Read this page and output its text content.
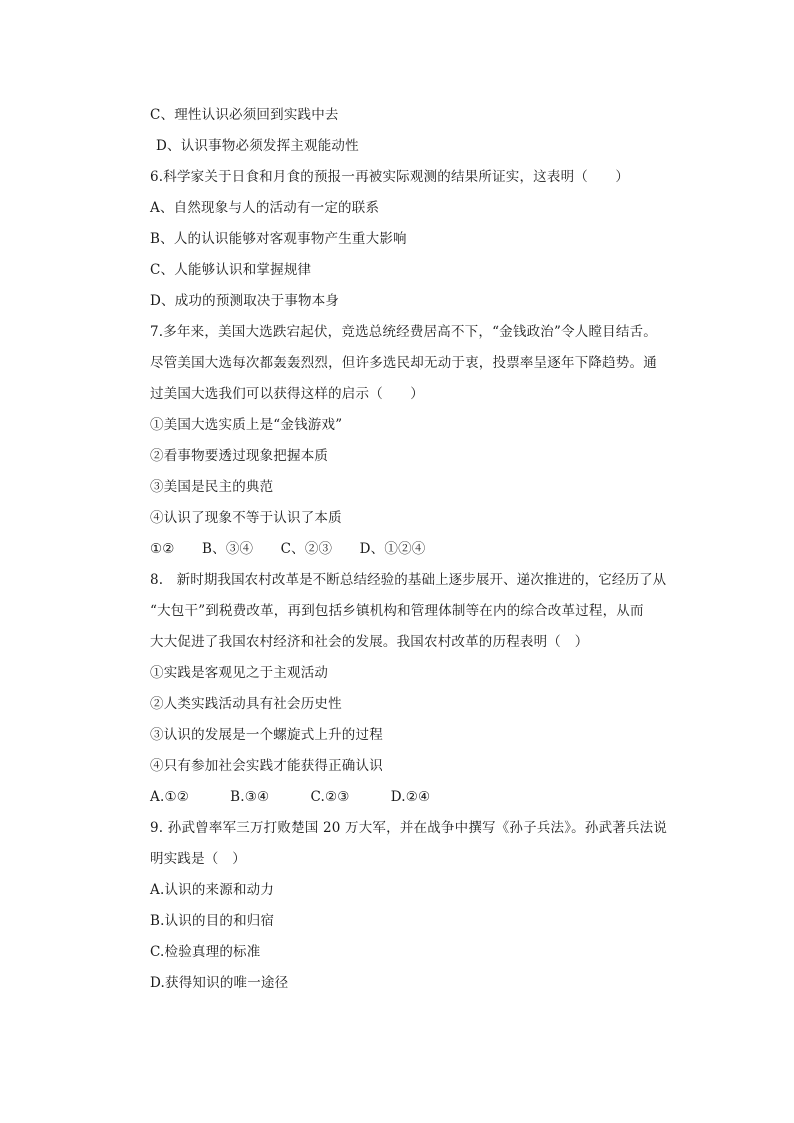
C、理性认识必须回到实践中去
D、认识事物必须发挥主观能动性
6.科学家关于日食和月食的预报一再被实际观测的结果所证实，这表明（　　）
A、自然现象与人的活动有一定的联系
B、人的认识能够对客观事物产生重大影响
C、人能够认识和掌握规律
D、成功的预测取决于事物本身
7.多年来，美国大选跌宕起伏，竞选总统经费居高不下，“金钱政治”令人瞠目结舌。
尽管美国大选每次都轰轰烈烈，但许多选民却无动于衷，投票率呈逐年下降趋势。通
过美国大选我们可以获得这样的启示（　　）
①美国大选实质上是“金钱游戏”
②看事物要透过现象把握本质
③美国是民主的典范
④认识了现象不等于认识了本质
①②　　B、③④　　C、②③　　D、①②④
8.　新时期我国农村改革是不断总结经验的基础上逐步展开、递次推进的，它经历了从
“大包干”到税费改革，再到包括乡镇机构和管理体制等在内的综合改革过程，从而
大大促进了我国农村经济和社会的发展。我国农村改革的历程表明（　）
①实践是客观见之于主观活动
②人类实践活动具有社会历史性
③认识的发展是一个螺旋式上升的过程
④只有参加社会实践才能获得正确认识
A.①②　　　B.③④　　　C.②③　　　D.②④
9. 孙武曾率军三万打败楚国 20 万大军，并在战争中撰写《孙子兵法》。孙武著兵法说
明实践是（　）
A.认识的来源和动力
B.认识的目的和归宿
C.检验真理的标准
D.获得知识的唯一途径
